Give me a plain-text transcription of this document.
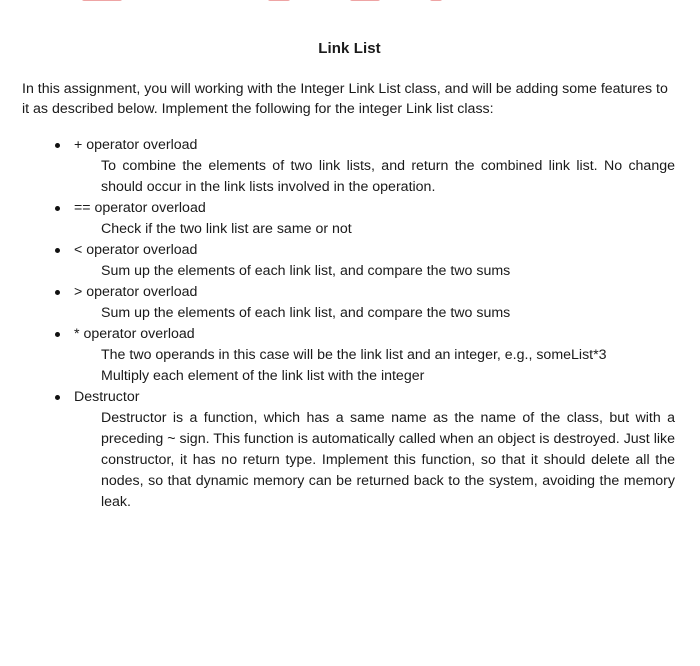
Link List

In this assignment, you will working with the Integer Link List class, and will be adding some features to it as described below. Implement the following for the integer Link list class:

+ operator overload
To combine the elements of two link lists, and return the combined link list. No change should occur in the link lists involved in the operation.
== operator overload
Check if the two link list are same or not
< operator overload
Sum up the elements of each link list, and compare the two sums
> operator overload
Sum up the elements of each link list, and compare the two sums
* operator overload
The two operands in this case will be the link list and an integer, e.g., someList*3
Multiply each element of the link list with the integer
Destructor
Destructor is a function, which has a same name as the name of the class, but with a preceding ~ sign. This function is automatically called when an object is destroyed. Just like constructor, it has no return type. Implement this function, so that it should delete all the nodes, so that dynamic memory can be returned back to the system, avoiding the memory leak.
